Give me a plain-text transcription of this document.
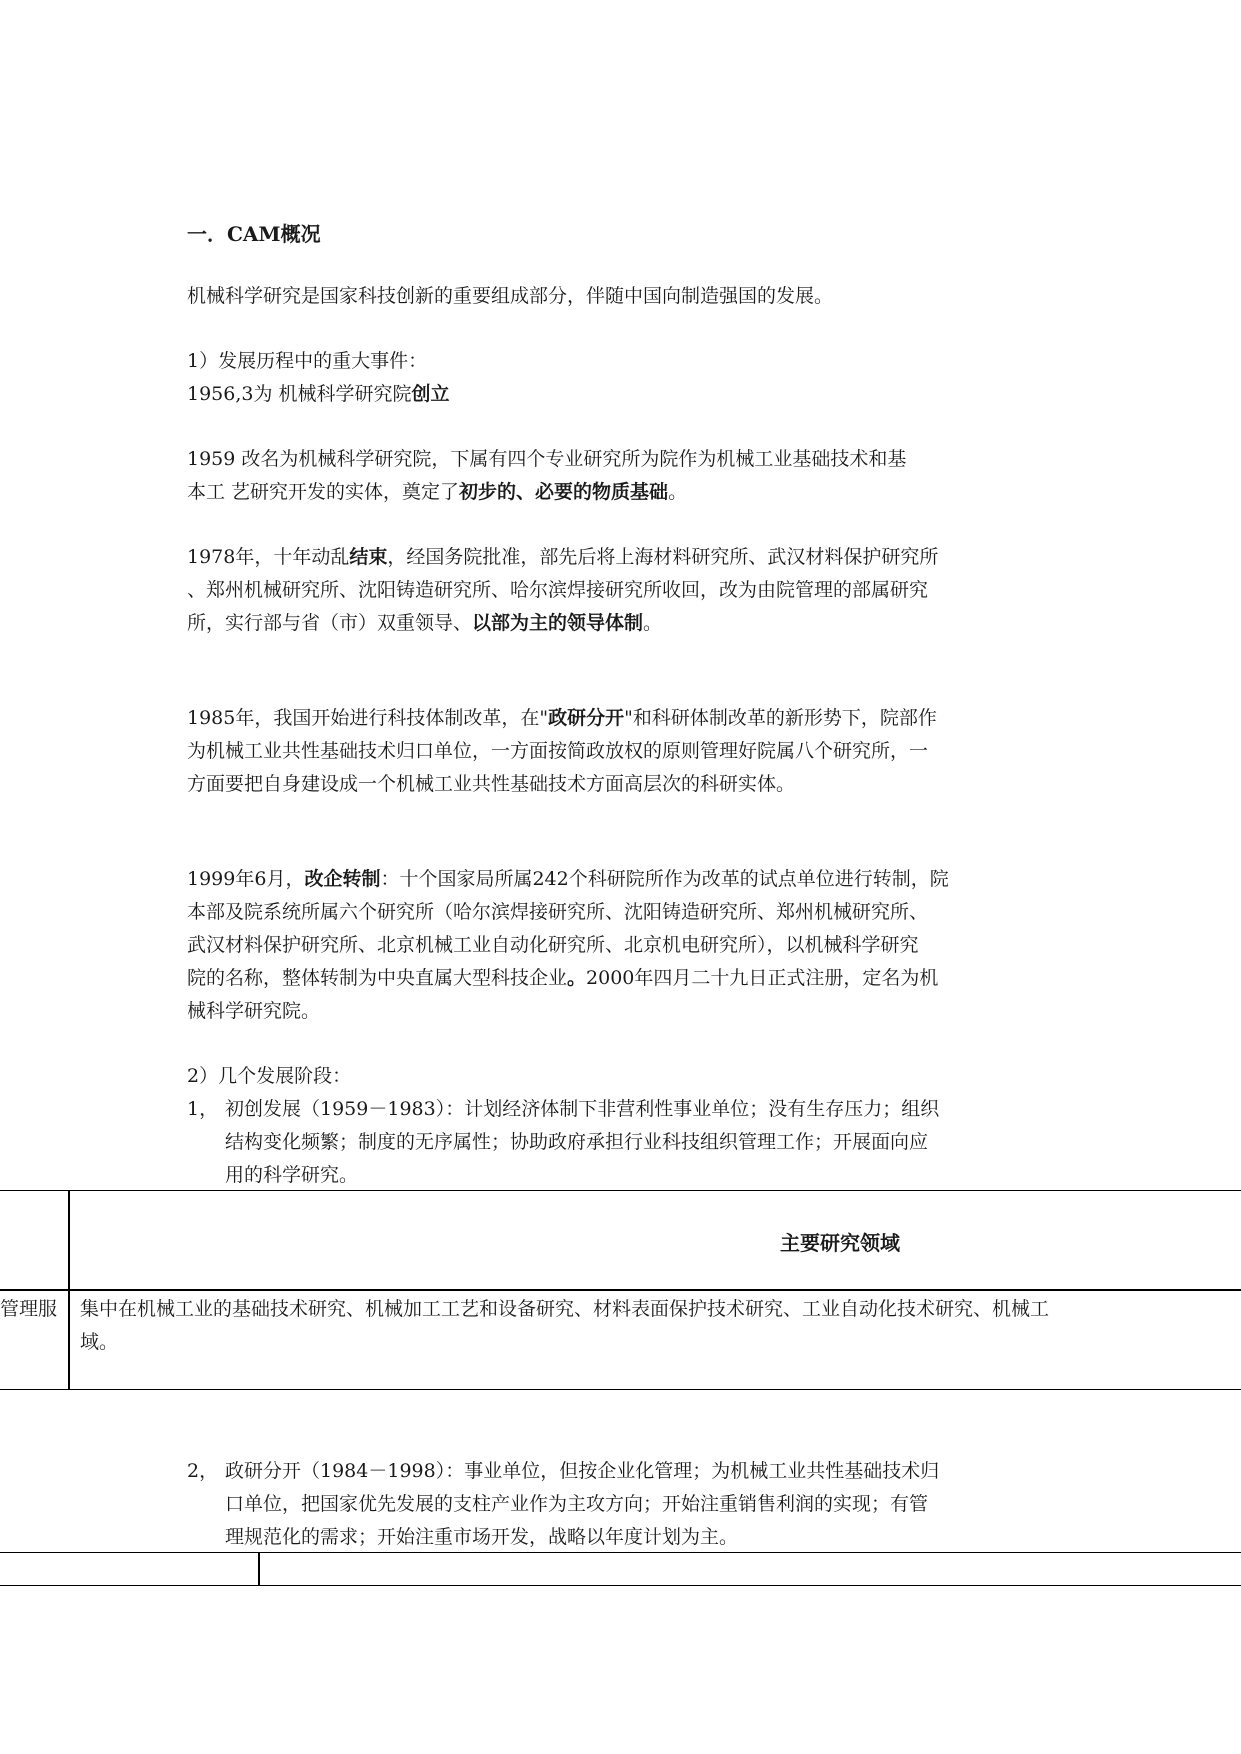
一．CAM概况
机械科学研究是国家科技创新的重要组成部分，伴随中国向制造强国的发展。
1）发展历程中的重大事件：
1956,3为 机械科学研究院创立
1959 改名为机械科学研究院，下属有四个专业研究所为院作为机械工业基础技术和基
本工 艺研究开发的实体，奠定了初步的、必要的物质基础。
1978年，十年动乱结束，经国务院批准，部先后将上海材料研究所、武汉材料保护研究所
、郑州机械研究所、沈阳铸造研究所、哈尔滨焊接研究所收回，改为由院管理的部属研究
所，实行部与省（市）双重领导、以部为主的领导体制。
1985年，我国开始进行科技体制改革，在"政研分开"和科研体制改革的新形势下，院部作
为机械工业共性基础技术归口单位，一方面按简政放权的原则管理好院属八个研究所，一
方面要把自身建设成一个机械工业共性基础技术方面高层次的科研实体。
1999年6月，改企转制：十个国家局所属242个科研院所作为改革的试点单位进行转制，院
本部及院系统所属六个研究所（哈尔滨焊接研究所、沈阳铸造研究所、郑州机械研究所、
武汉材料保护研究所、北京机械工业自动化研究所、北京机电研究所），以机械科学研究
院的名称，整体转制为中央直属大型科技企业。2000年四月二十九日正式注册，定名为机
械科学研究院。
2）几个发展阶段：
1， 初创发展（1959－1983）：计划经济体制下非营利性事业单位；没有生存压力；组织
结构变化频繁；制度的无序属性；协助政府承担行业科技组织管理工作；开展面向应
用的科学研究。
主要研究领域
管理服 集中在机械工业的基础技术研究、机械加工工艺和设备研究、材料表面保护技术研究、工业自动化技术研究、机械工
域。
2， 政研分开（1984－1998）：事业单位，但按企业化管理；为机械工业共性基础技术归
口单位，把国家优先发展的支柱产业作为主攻方向；开始注重销售利润的实现；有管
理规范化的需求；开始注重市场开发，战略以年度计划为主。
